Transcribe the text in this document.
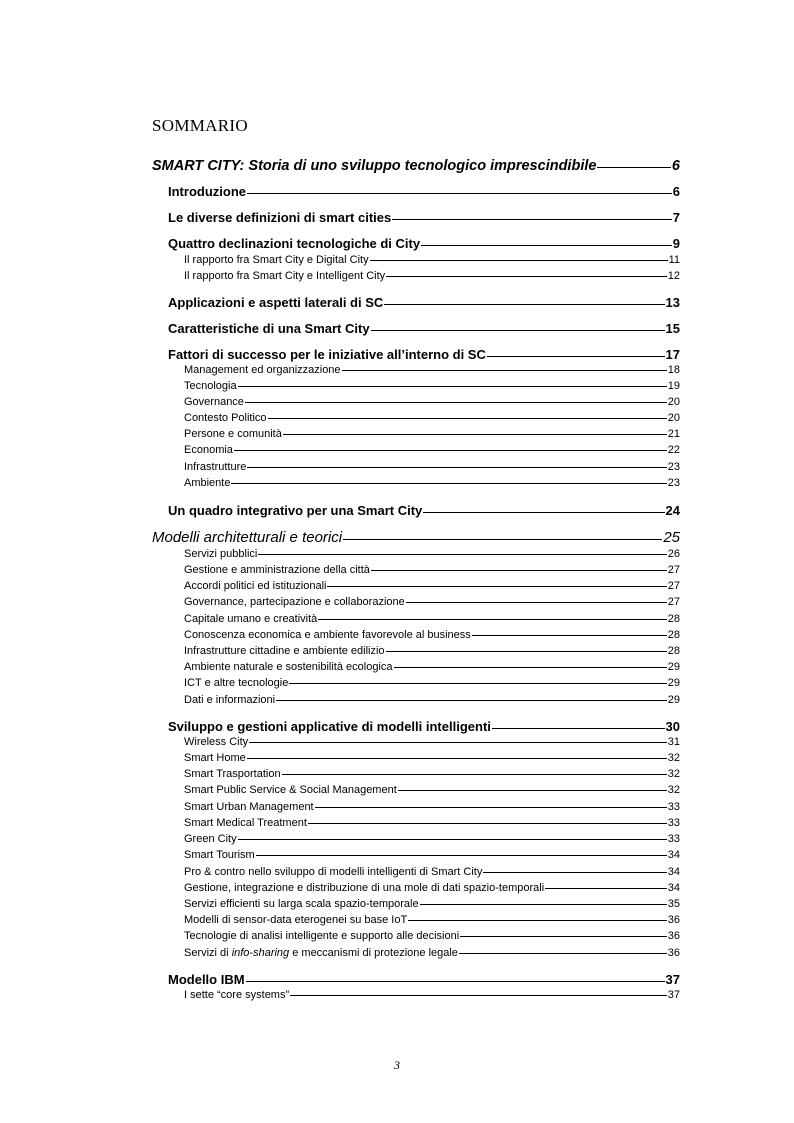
SOMMARIO
SMART CITY: Storia di uno sviluppo tecnologico imprescindibile	6
Introduzione	6
Le diverse definizioni di smart cities	7
Quattro declinazioni tecnologiche di City	9
Il rapporto fra Smart City e Digital City	11
Il rapporto fra Smart City e Intelligent City	12
Applicazioni e aspetti laterali di SC	13
Caratteristiche di una Smart City	15
Fattori di successo per le iniziative all’interno di SC	17
Management ed organizzazione	18
Tecnologia	19
Governance	20
Contesto Politico	20
Persone e comunità	21
Economia	22
Infrastrutture	23
Ambiente	23
Un quadro integrativo per una Smart City	24
Modelli architetturali e teorici	25
Servizi pubblici	26
Gestione e amministrazione della città	27
Accordi politici ed istituzionali	27
Governance, partecipazione e collaborazione	27
Capitale umano e creatività	28
Conoscenza economica e ambiente favorevole al business	28
Infrastrutture cittadine e ambiente edilizio	28
Ambiente naturale e sostenibilità ecologica	29
ICT e altre tecnologie	29
Dati e informazioni	29
Sviluppo e gestioni applicative di modelli intelligenti	30
Wireless City	31
Smart Home	32
Smart Trasportation	32
Smart Public Service & Social Management	32
Smart Urban Management	33
Smart Medical Treatment	33
Green City	33
Smart Tourism	34
Pro & contro nello sviluppo di modelli intelligenti di Smart City	34
Gestione, integrazione e distribuzione di una mole di dati spazio-temporali	34
Servizi efficienti su larga scala spazio-temporale	35
Modelli di sensor-data eterogenei su base IoT	36
Tecnologie di analisi intelligente e supporto alle decisioni	36
Servizi di info-sharing e meccanismi di protezione legale	36
Modello IBM	37
I sette “core systems”	37
3
